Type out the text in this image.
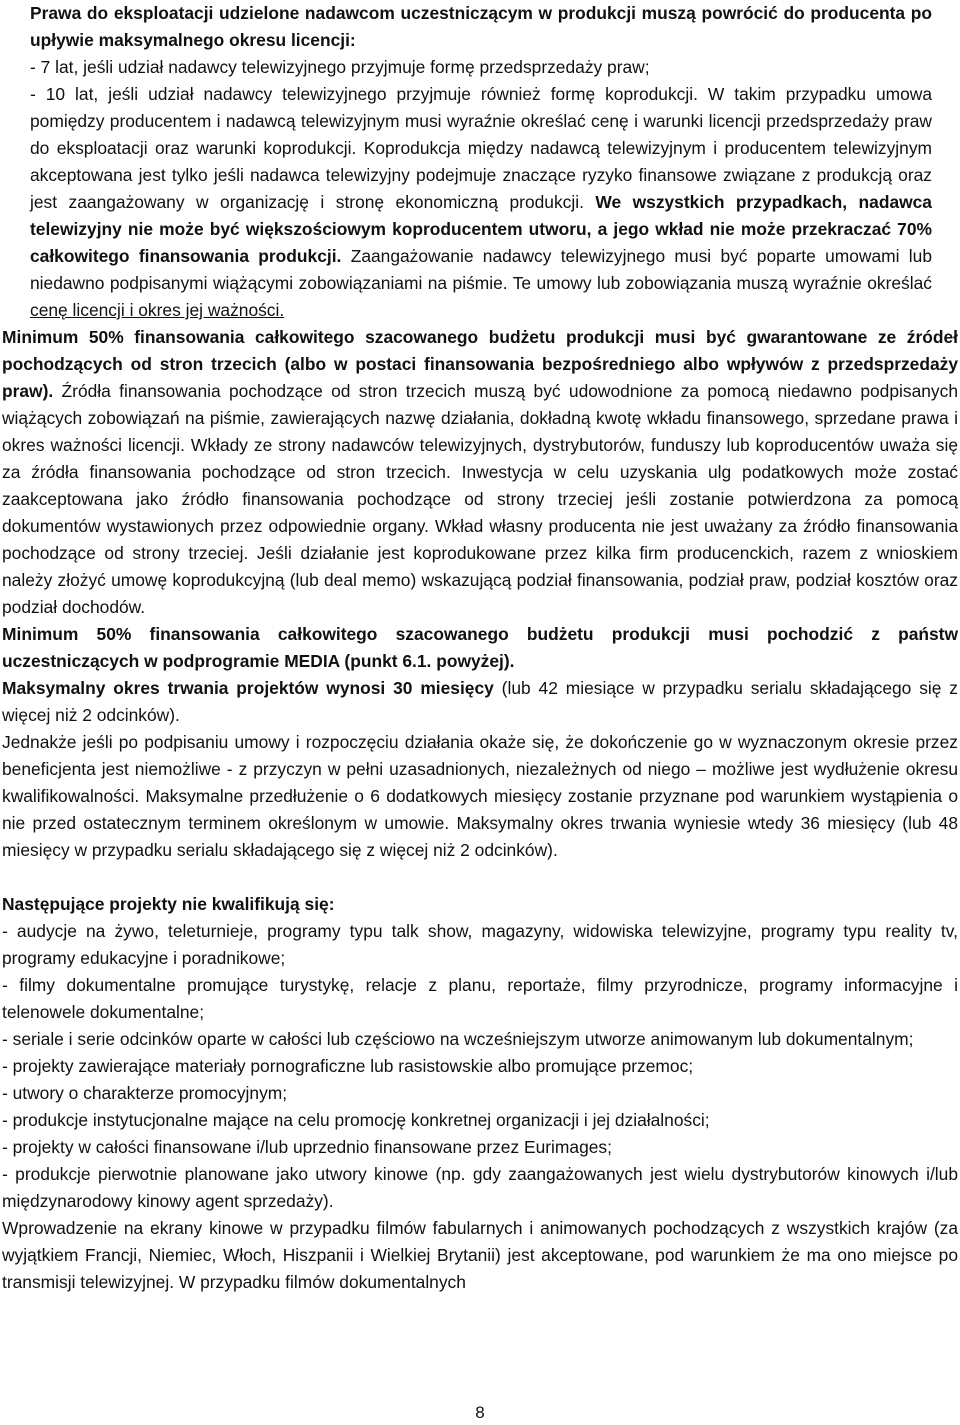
Prawa do eksploatacji udzielone nadawcom uczestniczącym w produkcji muszą powrócić do producenta po upływie maksymalnego okresu licencji:
- 7 lat, jeśli udział nadawcy telewizyjnego przyjmuje formę przedsprzedaży praw;
- 10 lat, jeśli udział nadawcy telewizyjnego przyjmuje również formę koprodukcji. W takim przypadku umowa pomiędzy producentem i nadawcą telewizyjnym musi wyraźnie określać cenę i warunki licencji przedsprzedaży praw do eksploatacji oraz warunki koprodukcji. Koprodukcja między nadawcą telewizyjnym i producentem telewizyjnym akceptowana jest tylko jeśli nadawca telewizyjny podejmuje znaczące ryzyko finansowe związane z produkcją oraz jest zaangażowany w organizację i stronę ekonomiczną produkcji. We wszystkich przypadkach, nadawca telewizyjny nie może być większościowym koproducentem utworu, a jego wkład nie może przekraczać 70% całkowitego finansowania produkcji. Zaangażowanie nadawcy telewizyjnego musi być poparte umowami lub niedawno podpisanymi wiążącymi zobowiązaniami na piśmie. Te umowy lub zobowiązania muszą wyraźnie określać cenę licencji i okres jej ważności.
Minimum 50% finansowania całkowitego szacowanego budżetu produkcji musi być gwarantowane ze źródeł pochodzących od stron trzecich (albo w postaci finansowania bezpośredniego albo wpływów z przedsprzedaży praw). Źródła finansowania pochodzące od stron trzecich muszą być udowodnione za pomocą niedawno podpisanych wiążących zobowiązań na piśmie, zawierających nazwę działania, dokładną kwotę wkładu finansowego, sprzedane prawa i okres ważności licencji. Wkłady ze strony nadawców telewizyjnych, dystrybutorów, funduszy lub koproducentów uważa się za źródła finansowania pochodzące od stron trzecich. Inwestycja w celu uzyskania ulg podatkowych może zostać zaakceptowana jako źródło finansowania pochodzące od strony trzeciej jeśli zostanie potwierdzona za pomocą dokumentów wystawionych przez odpowiednie organy. Wkład własny producenta nie jest uważany za źródło finansowania pochodzące od strony trzeciej. Jeśli działanie jest koprodukowane przez kilka firm producenckich, razem z wnioskiem należy złożyć umowę koprodukcyjną (lub deal memo) wskazującą podział finansowania, podział praw, podział kosztów oraz podział dochodów.
Minimum 50% finansowania całkowitego szacowanego budżetu produkcji musi pochodzić z państw uczestniczących w podprogramie MEDIA (punkt 6.1. powyżej).
Maksymalny okres trwania projektów wynosi 30 miesięcy (lub 42 miesiące w przypadku serialu składającego się z więcej niż 2 odcinków).
Jednakże jeśli po podpisaniu umowy i rozpoczęciu działania okaże się, że dokończenie go w wyznaczonym okresie przez beneficjenta jest niemożliwe - z przyczyn w pełni uzasadnionych, niezależnych od niego – możliwe jest wydłużenie okresu kwalifikowalności. Maksymalne przedłużenie o 6 dodatkowych miesięcy zostanie przyznane pod warunkiem wystąpienia o nie przed ostatecznym terminem określonym w umowie. Maksymalny okres trwania wyniesie wtedy 36 miesięcy (lub 48 miesięcy w przypadku serialu składającego się z więcej niż 2 odcinków).
Następujące projekty nie kwalifikują się:
- audycje na żywo, teleturnieje, programy typu talk show, magazyny, widowiska telewizyjne, programy typu reality tv, programy edukacyjne i poradnikowe;
- filmy dokumentalne promujące turystykę, relacje z planu, reportaże, filmy przyrodnicze, programy informacyjne i telenowele dokumentalne;
- seriale i serie odcinków oparte w całości lub częściowo na wcześniejszym utworze animowanym lub dokumentalnym;
- projekty zawierające materiały pornograficzne lub rasistowskie albo promujące przemoc;
- utwory o charakterze promocyjnym;
- produkcje instytucjonalne mające na celu promocję konkretnej organizacji i jej działalności;
- projekty w całości finansowane i/lub uprzednio finansowane przez Eurimages;
- produkcje pierwotnie planowane jako utwory kinowe (np. gdy zaangażowanych jest wielu dystrybutorów kinowych i/lub międzynarodowy kinowy agent sprzedaży).
Wprowadzenie na ekrany kinowe w przypadku filmów fabularnych i animowanych pochodzących z wszystkich krajów (za wyjątkiem Francji, Niemiec, Włoch, Hiszpanii i Wielkiej Brytanii) jest akceptowane, pod warunkiem że ma ono miejsce po transmisji telewizyjnej. W przypadku filmów dokumentalnych
8
